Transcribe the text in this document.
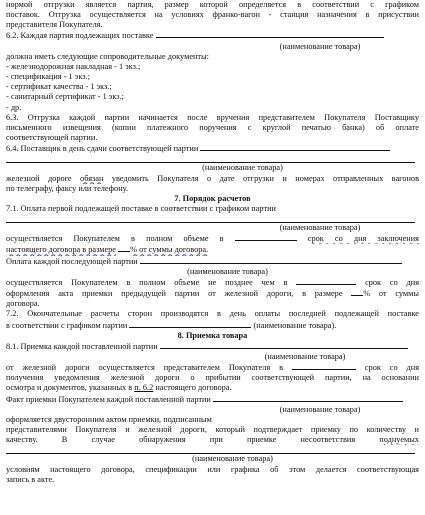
нормой отгрузки является партия, размер которой определяется в соответствии с графиком

поставок. Отгрузка осуществляется на условиях франко-вагон - станция назначения в присуствии

представителя Покупателя.

6.2. Каждая партия подлежащих поставке

(наименование товара)

должна иметь следующие сопроводительные документы:

- железнодорожная накладная - 1 экз.;

- спецификация - 1 экз.;

- сертификат качества - 1 экз.;

- санитарный сертификат - 1 экз.;

- др.

6.3. Отгрузка каждой партии начинается после вручения представителем Покупателя Поставщику

письменного извещения (копии платежного поручения с круглой печатью банка) об оплате

соответствующей партии.

6.4. Поставщик в день сдачи соответствующей партии

(наименование товара)

железной дороге обязан уведомить Покупателя о дате отгрузки и номерах отправленных вагонов

по телеграфу, факсу или телефону.

7. Порядок расчетов

7.1. Оплата первой подлежащей поставке в соответствии с графиком партии

(наименование товара)

осуществляется Покупателем в полном объеме в	срок со дня заключения

настоящего договора в размере % от суммы договора.

Оплата каждой последующей партии

(наименование товара)

осуществляется Покупателем в полном объеме не позднее чем в	срок со дня

оформления акта приемки предыдущей партии от железной дороги, в размере	% от суммы

договора.

7.2. Окончательные расчеты сторон производятся в день оплаты последней подлежащей поставке

в соответствии с графиком партии	(наименование товара).

8. Приемка товара

8.1. Приемка каждой поставленной партии

(наименование товара)

от железной дороги осуществляется представителем Покупателя в	срок со дня

получения уведомления железной дороги о прибытии соответствующей партии, на основании

осмотра и документов, указанных в п. 6.2 настоящего договора.

Факт приемки Покупателем каждой поставленной партии

(наименование товара)

оформляется двусторонним актом приемки, подписанным

представителями Покупателя и железной дороги, который подтверждает приемку по количеству и

качеству. В случае обнаружения при приемке несоответствия	поднуемых

(наименование товара)

условиям настоящего договора, спецификации или графика об этом делается соответствующая

запись в акте.
